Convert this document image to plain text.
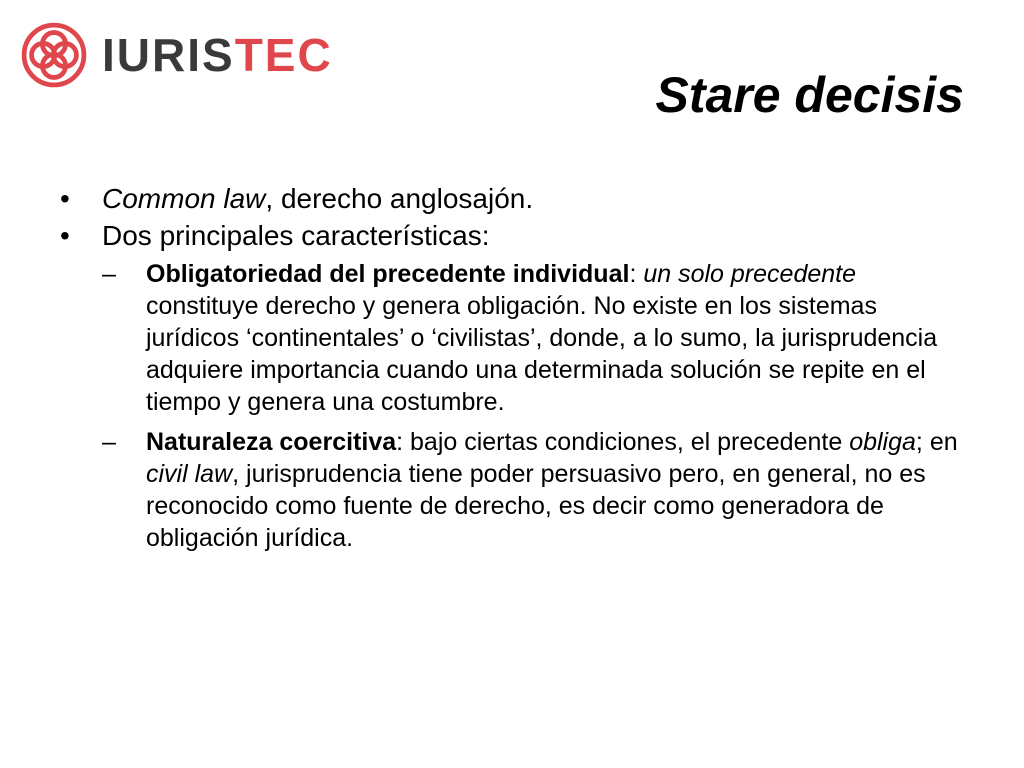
IURISTEC
Stare decisis
• Common law, derecho anglosajón.
• Dos principales características:
– Obligatoriedad del precedente individual: un solo precedente constituye derecho y genera obligación. No existe en los sistemas jurídicos ‘continentales’ o ‘civilistas’, donde, a lo sumo, la jurisprudencia adquiere importancia cuando una determinada solución se repite en el tiempo y genera una costumbre.
– Naturaleza coercitiva: bajo ciertas condiciones, el precedente obliga; en civil law, jurisprudencia tiene poder persuasivo pero, en general, no es reconocido como fuente de derecho, es decir como generadora de obligación jurídica.
